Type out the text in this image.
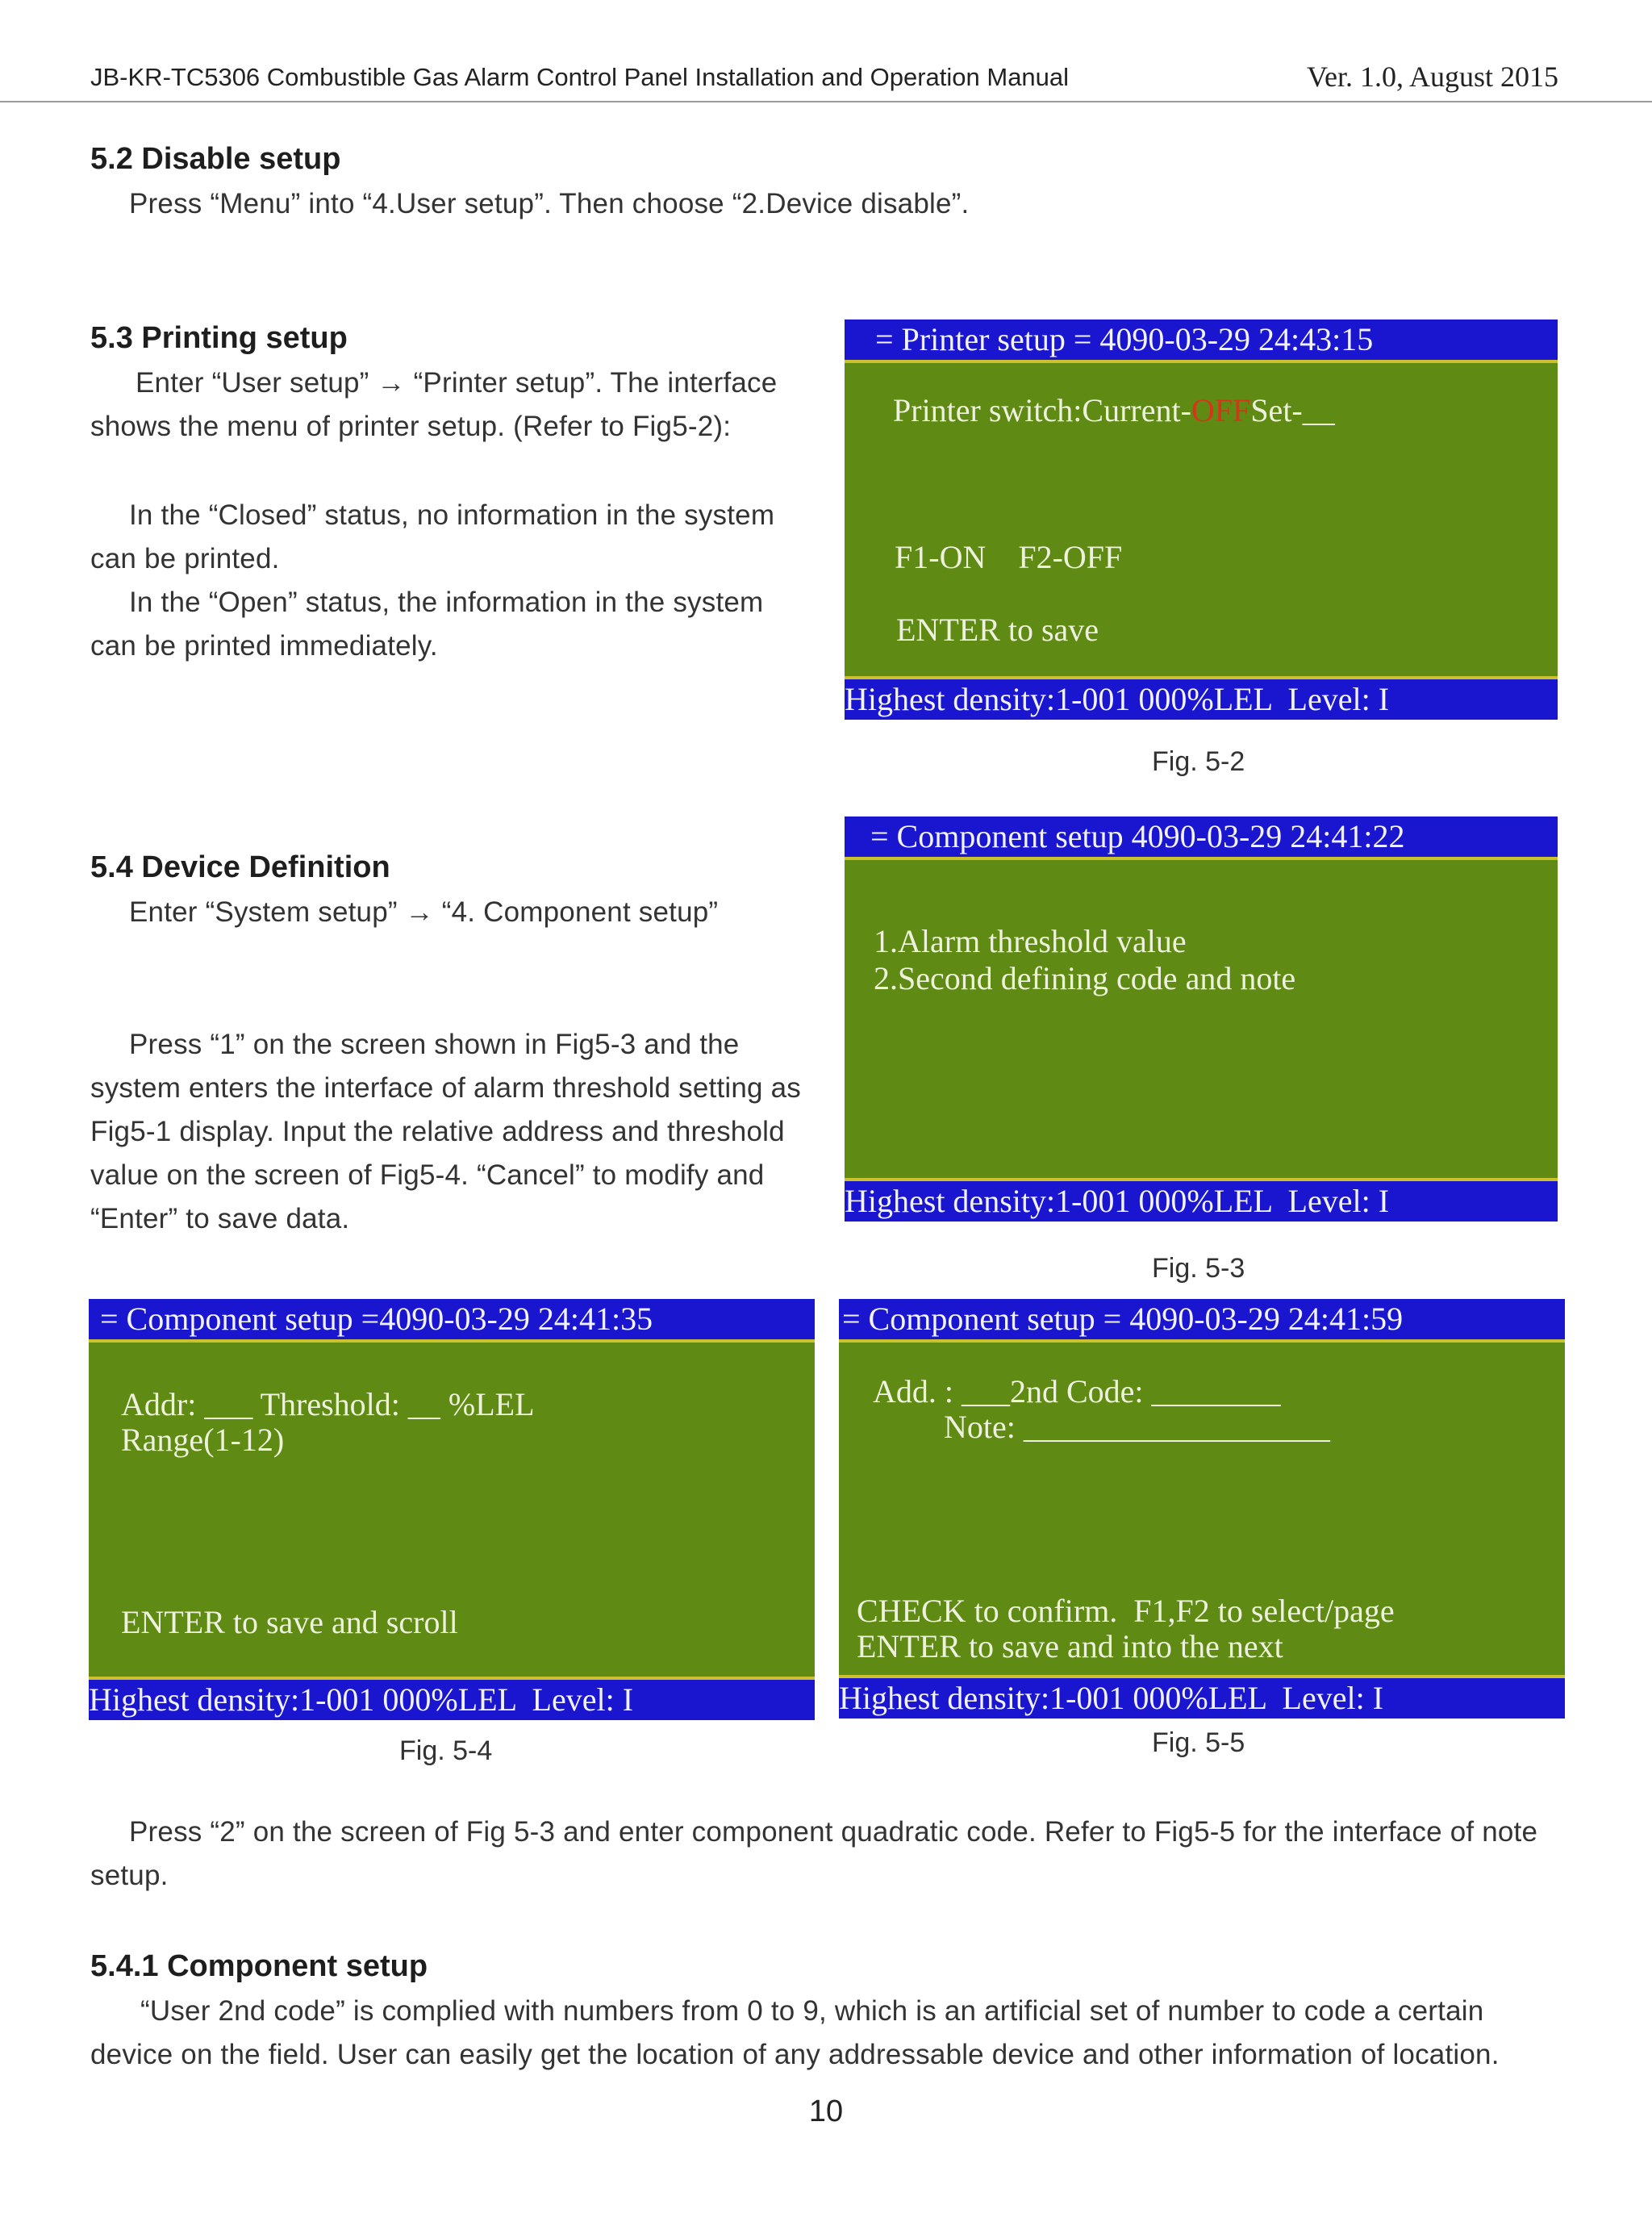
JB-KR-TC5306 Combustible Gas Alarm Control Panel Installation and Operation Manual	Ver. 1.0, August 2015
5.2 Disable setup
Press “Menu” into “4.User setup”. Then choose “2.Device disable”.
5.3 Printing setup
Enter “User setup” → “Printer setup”. The interface
shows the menu of printer setup. (Refer to Fig5-2):
In the “Closed” status, no information in the system
can be printed.
In the “Open” status, the information in the system
can be printed immediately.
= Printer setup = 4090-03-29 24:43:15
Printer switch:Current-OFFSet-__
F1-ON    F2-OFF
ENTER to save
Highest density:1-001 000%LEL  Level: I
Fig. 5-2
5.4 Device Definition
Enter “System setup” → “4. Component setup”
Press “1” on the screen shown in Fig5-3 and the
system enters the interface of alarm threshold setting as
Fig5-1 display. Input the relative address and threshold
value on the screen of Fig5-4. “Cancel” to modify and
“Enter” to save data.
= Component setup 4090-03-29 24:41:22
1.Alarm threshold value
2.Second defining code and note
Highest density:1-001 000%LEL  Level: I
Fig. 5-3
= Component setup =4090-03-29 24:41:35
Addr: ___ Threshold: __ %LEL
Range(1-12)
ENTER to save and scroll
Highest density:1-001 000%LEL  Level: I
Fig. 5-4
= Component setup = 4090-03-29 24:41:59
Add. : ___2nd Code: ________
Note: ___________________
CHECK to confirm.  F1,F2 to select/page
ENTER to save and into the next
Highest density:1-001 000%LEL  Level: I
Fig. 5-5
Press “2” on the screen of Fig 5-3 and enter component quadratic code. Refer to Fig5-5 for the interface of note
setup.
5.4.1 Component setup
“User 2nd code” is complied with numbers from 0 to 9, which is an artificial set of number to code a certain
device on the field. User can easily get the location of any addressable device and other information of location.
10
